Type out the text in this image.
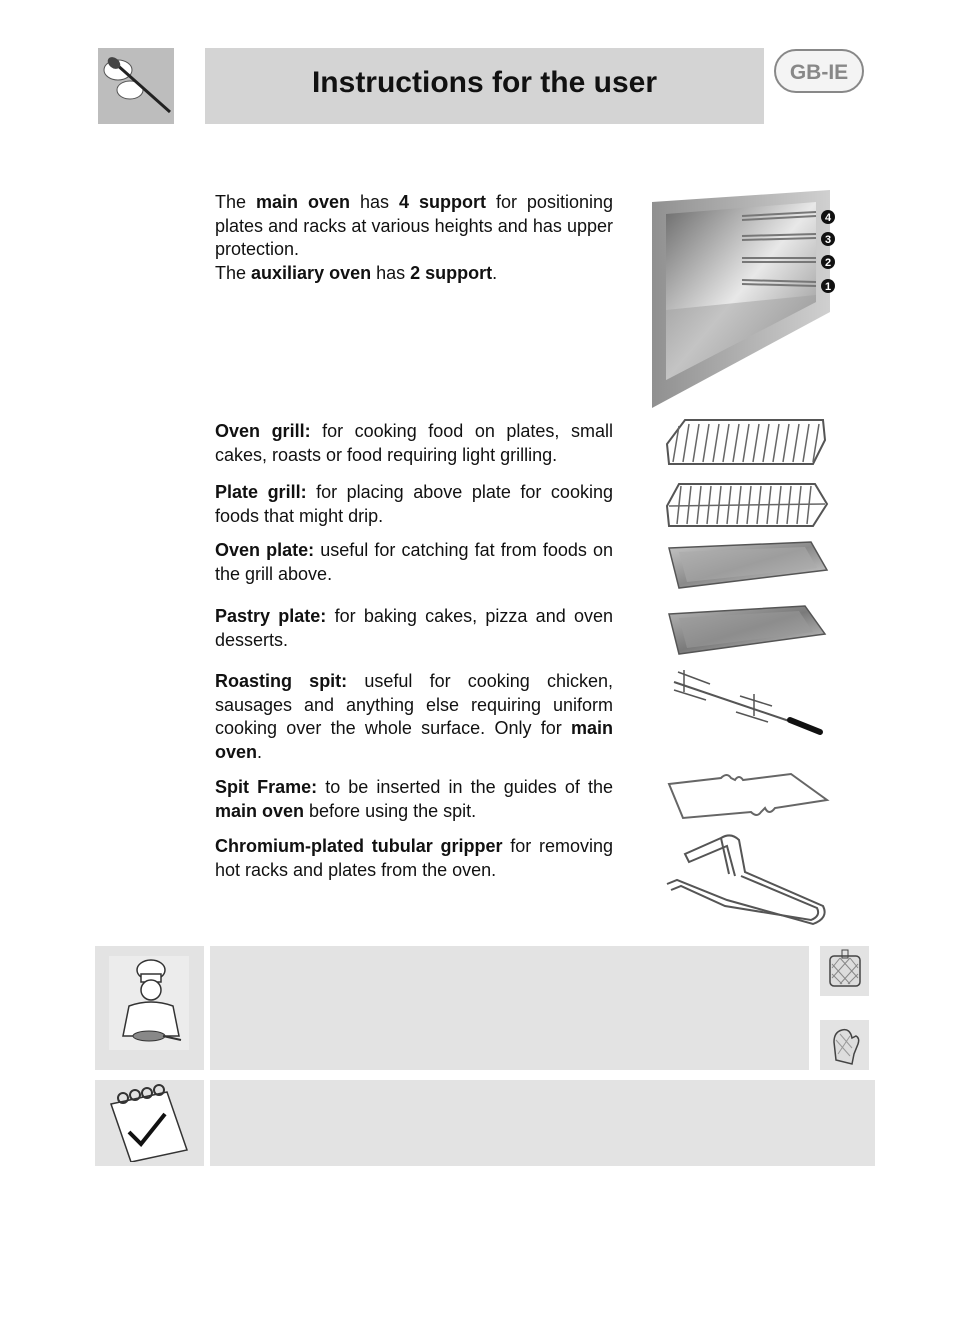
Instructions for the user	GB-IE

The main oven has 4 support for positioning plates and racks at various heights and has upper protection.

The auxiliary oven has 2 support.

4
3
2
1

Oven grill: for cooking food on plates, small cakes, roasts or food requiring light grilling.

Plate grill: for placing above plate for cooking foods that might drip.

Oven plate: useful for catching fat from foods on the grill above.

Pastry plate: for baking cakes, pizza and oven desserts.

Roasting spit: useful for cooking chicken, sausages and anything else requiring uniform cooking over the whole surface. Only for main oven.

Spit Frame: to be inserted in the guides of the main oven before using the spit.

Chromium-plated tubular gripper for removing hot racks and plates from the oven.
